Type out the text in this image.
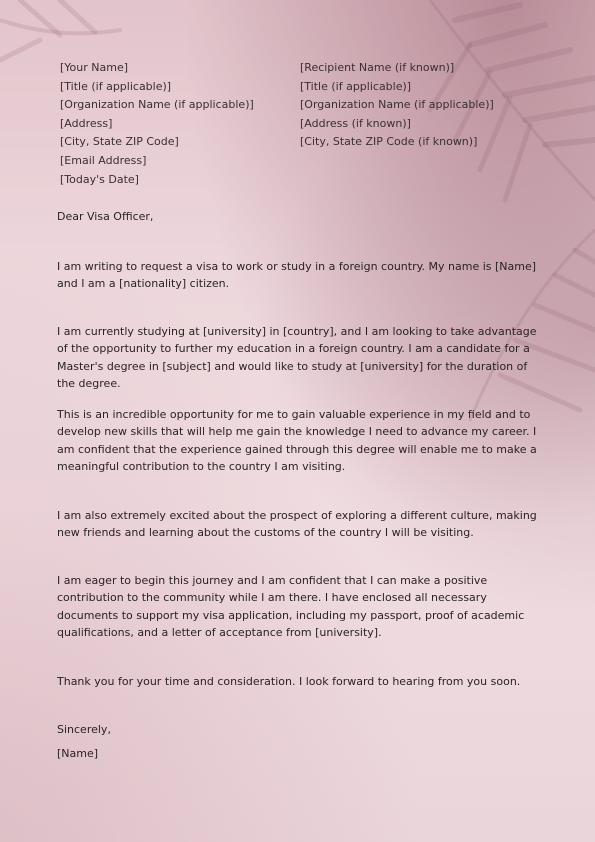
[Your Name]
[Title (if applicable)]
[Organization Name (if applicable)]
[Address]
[City, State ZIP Code]
[Email Address]
[Today's Date]
[Recipient Name (if known)]
[Title (if applicable)]
[Organization Name (if applicable)]
[Address (if known)]
[City, State ZIP Code (if known)]
Dear Visa Officer,
I am writing to request a visa to work or study in a foreign country. My name is [Name] and I am a [nationality] citizen.
I am currently studying at [university] in [country], and I am looking to take advantage of the opportunity to further my education in a foreign country. I am a candidate for a Master's degree in [subject] and would like to study at [university] for the duration of the degree.
This is an incredible opportunity for me to gain valuable experience in my field and to develop new skills that will help me gain the knowledge I need to advance my career. I am confident that the experience gained through this degree will enable me to make a meaningful contribution to the country I am visiting.
I am also extremely excited about the prospect of exploring a different culture, making new friends and learning about the customs of the country I will be visiting.
I am eager to begin this journey and I am confident that I can make a positive contribution to the community while I am there. I have enclosed all necessary documents to support my visa application, including my passport, proof of academic qualifications, and a letter of acceptance from [university].
Thank you for your time and consideration. I look forward to hearing from you soon.
Sincerely,
[Name]
